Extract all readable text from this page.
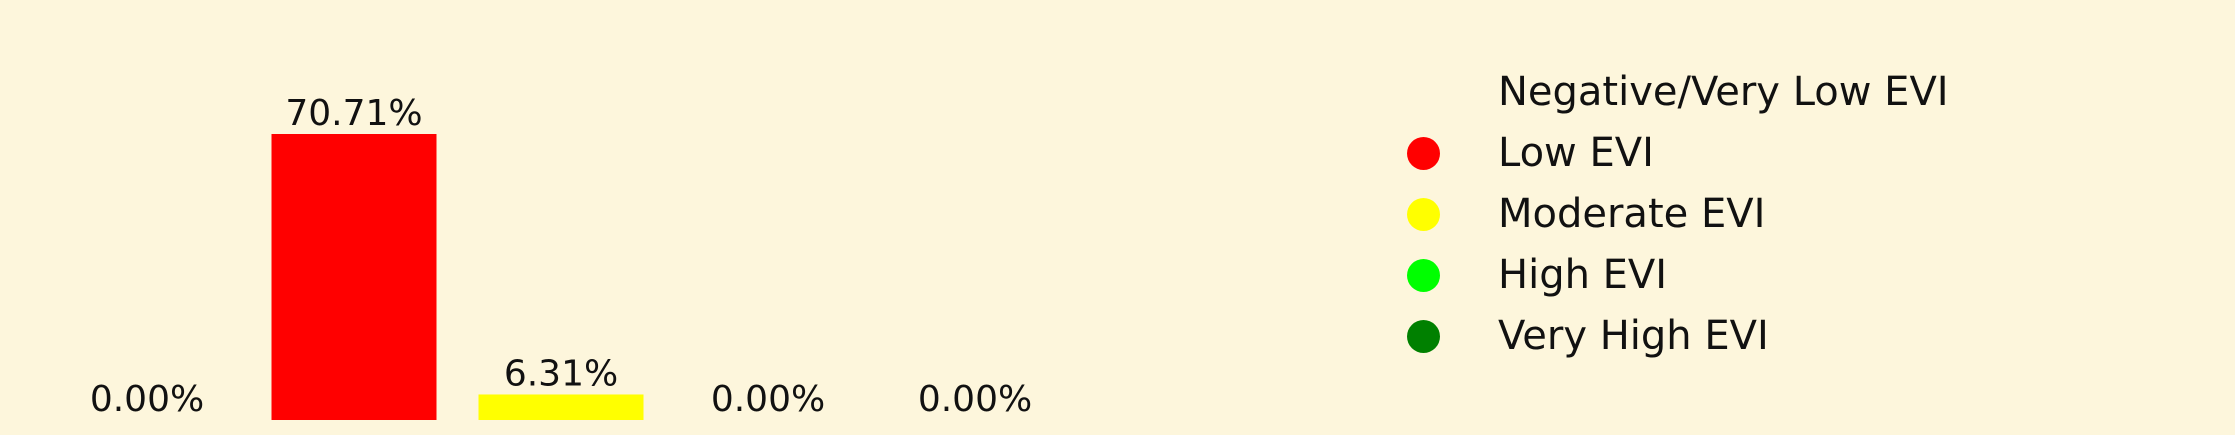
0.00%
70.71%
6.31%
0.00%	0.00%
Negative/Very Low EVI
Low EVI
Moderate EVI
High EVI
Very High EVI
